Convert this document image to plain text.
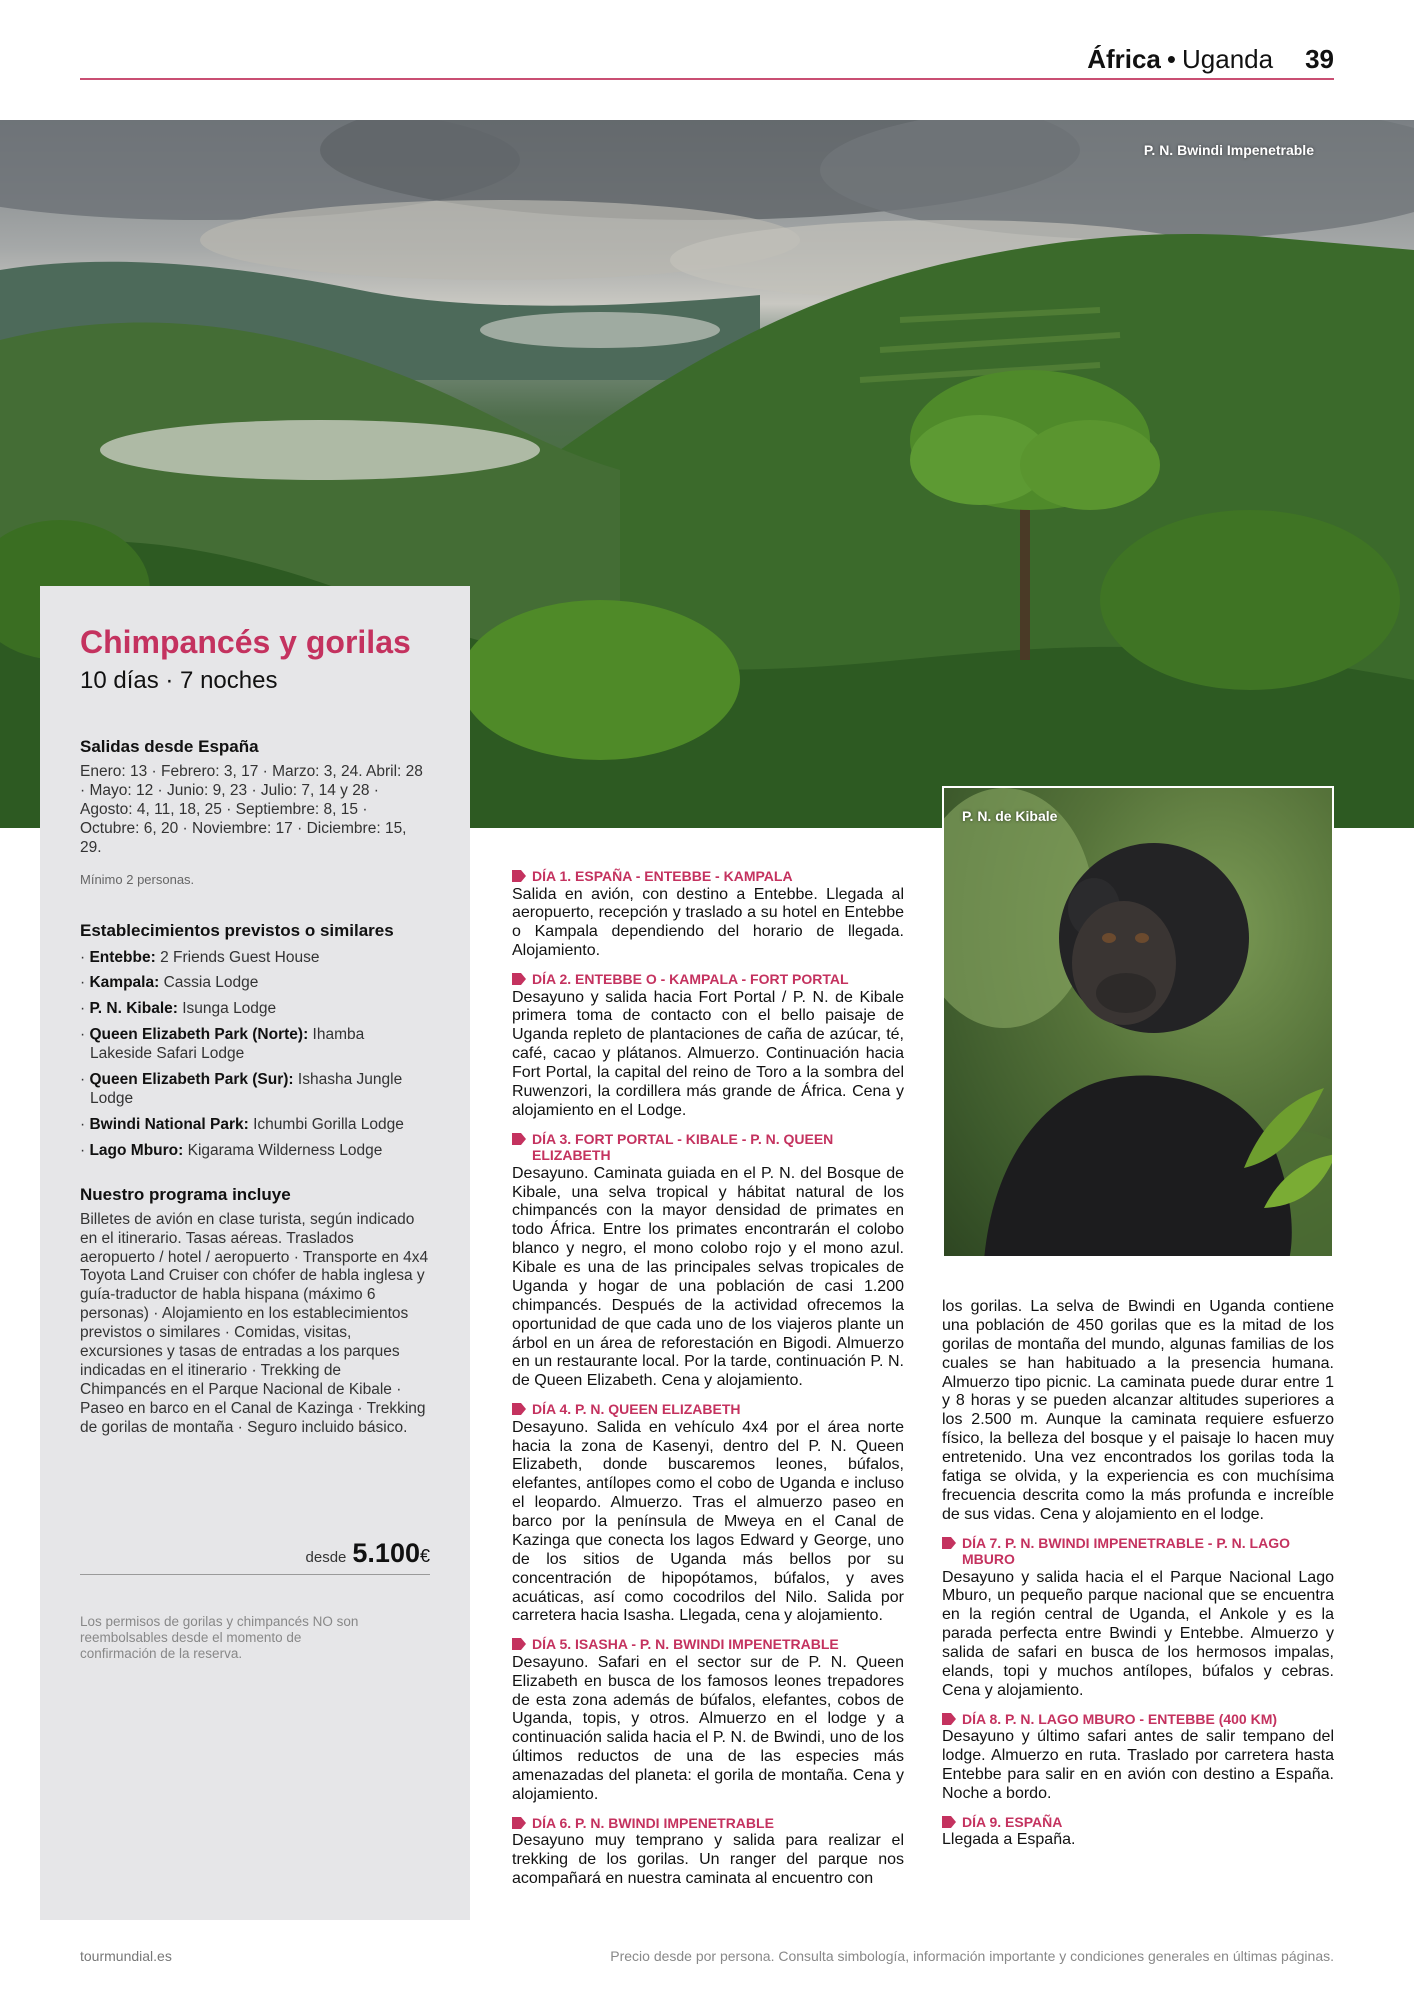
África • Uganda 39
P. N. Bwindi Impenetrable
Chimpancés y gorilas
10 días · 7 noches
Salidas desde España
Enero: 13 · Febrero: 3, 17 · Marzo: 3, 24. Abril: 28 · Mayo: 12 · Junio: 9, 23 · Julio: 7, 14 y 28 · Agosto: 4, 11, 18, 25 · Septiembre: 8, 15 · Octubre: 6, 20 · Noviembre: 17 · Diciembre: 15, 29.
Mínimo 2 personas.
Establecimientos previstos o similares
· Entebbe: 2 Friends Guest House
· Kampala: Cassia Lodge
· P. N. Kibale: Isunga Lodge
· Queen Elizabeth Park (Norte): Ihamba Lakeside Safari Lodge
· Queen Elizabeth Park (Sur): Ishasha Jungle Lodge
· Bwindi National Park: Ichumbi Gorilla Lodge
· Lago Mburo: Kigarama Wilderness Lodge
Nuestro programa incluye
Billetes de avión en clase turista, según indicado en el itinerario. Tasas aéreas. Traslados aeropuerto / hotel / aeropuerto · Transporte en 4x4 Toyota Land Cruiser con chófer de habla inglesa y guía-traductor de habla hispana (máximo 6 personas) · Alojamiento en los establecimientos previstos o similares · Comidas, visitas, excursiones y tasas de entradas a los parques indicadas en el itinerario · Trekking de Chimpancés en el Parque Nacional de Kibale · Paseo en barco en el Canal de Kazinga · Trekking de gorilas de montaña · Seguro incluido básico.
desde 5.100 €
Los permisos de gorilas y chimpancés NO son reembolsables desde el momento de confirmación de la reserva.
DÍA 1. ESPAÑA - ENTEBBE - KAMPALA
Salida en avión, con destino a Entebbe. Llegada al aeropuerto, recepción y traslado a su hotel en Entebbe o Kampala dependiendo del horario de llegada. Alojamiento.
DÍA 2. ENTEBBE O - KAMPALA - FORT PORTAL
Desayuno y salida hacia Fort Portal / P. N. de Kibale primera toma de contacto con el bello paisaje de Uganda repleto de plantaciones de caña de azúcar, té, café, cacao y plátanos. Almuerzo. Continuación hacia Fort Portal, la capital del reino de Toro a la sombra del Ruwenzori, la cordillera más grande de África. Cena y alojamiento en el Lodge.
DÍA 3. FORT PORTAL - KIBALE - P. N. QUEEN ELIZABETH
Desayuno. Caminata guiada en el P. N. del Bosque de Kibale, una selva tropical y hábitat natural de los chimpancés con la mayor densidad de primates en todo África. Entre los primates encontrarán el colobo blanco y negro, el mono colobo rojo y el mono azul. Kibale es una de las principales selvas tropicales de Uganda y hogar de una población de casi 1.200 chimpancés. Después de la actividad ofrecemos la oportunidad de que cada uno de los viajeros plante un árbol en un área de reforestación en Bigodi. Almuerzo en un restaurante local. Por la tarde, continuación P. N. de Queen Elizabeth. Cena y alojamiento.
DÍA 4. P. N. QUEEN ELIZABETH
Desayuno. Salida en vehículo 4x4 por el área norte hacia la zona de Kasenyi, dentro del P. N. Queen Elizabeth, donde buscaremos leones, búfalos, elefantes, antílopes como el cobo de Uganda e incluso el leopardo. Almuerzo. Tras el almuerzo paseo en barco por la península de Mweya en el Canal de Kazinga que conecta los lagos Edward y George, uno de los sitios de Uganda más bellos por su concentración de hipopótamos, búfalos, y aves acuáticas, así como cocodrilos del Nilo. Salida por carretera hacia Isasha. Llegada, cena y alojamiento.
DÍA 5. ISASHA - P. N. BWINDI IMPENETRABLE
Desayuno. Safari en el sector sur de P. N. Queen Elizabeth en busca de los famosos leones trepadores de esta zona además de búfalos, elefantes, cobos de Uganda, topis, y otros. Almuerzo en el lodge y a continuación salida hacia el P. N. de Bwindi, uno de los últimos reductos de una de las especies más amenazadas del planeta: el gorila de montaña. Cena y alojamiento.
DÍA 6. P. N. BWINDI IMPENETRABLE
Desayuno muy temprano y salida para realizar el trekking de los gorilas. Un ranger del parque nos acompañará en nuestra caminata al encuentro con
P. N. de Kibale
los gorilas. La selva de Bwindi en Uganda contiene una población de 450 gorilas que es la mitad de los gorilas de montaña del mundo, algunas familias de los cuales se han habituado a la presencia humana. Almuerzo tipo picnic. La caminata puede durar entre 1 y 8 horas y se pueden alcanzar altitudes superiores a los 2.500 m. Aunque la caminata requiere esfuerzo físico, la belleza del bosque y el paisaje lo hacen muy entretenido. Una vez encontrados los gorilas toda la fatiga se olvida, y la experiencia es con muchísima frecuencia descrita como la más profunda e increíble de sus vidas. Cena y alojamiento en el lodge.
DÍA 7. P. N. BWINDI IMPENETRABLE - P. N. LAGO MBURO
Desayuno y salida hacia el el Parque Nacional Lago Mburo, un pequeño parque nacional que se encuentra en la región central de Uganda, el Ankole y es la parada perfecta entre Bwindi y Entebbe. Almuerzo y salida de safari en busca de los hermosos impalas, elands, topi y muchos antílopes, búfalos y cebras. Cena y alojamiento.
DÍA 8. P. N. LAGO MBURO - ENTEBBE (400 KM)
Desayuno y último safari antes de salir tempano del lodge. Almuerzo en ruta. Traslado por carretera hasta Entebbe para salir en en avión con destino a España. Noche a bordo.
DÍA 9. ESPAÑA
Llegada a España.
tourmundial.es	Precio desde por persona. Consulta simbología, información importante y condiciones generales en últimas páginas.
